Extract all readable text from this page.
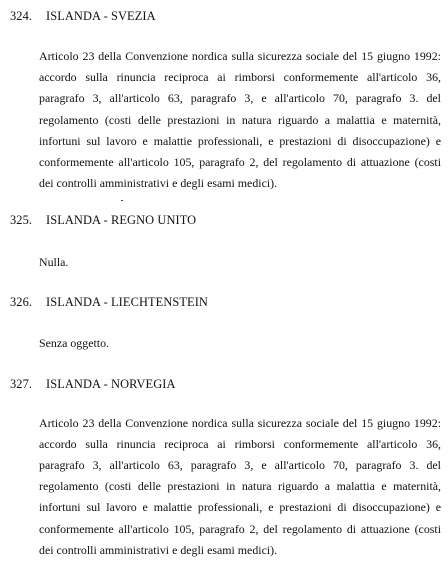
324. ISLANDA - SVEZIA
Articolo 23 della Convenzione nordica sulla sicurezza sociale del 15 giugno 1992:
accordo sulla rinuncia reciproca ai rimborsi conformemente all'articolo 36,
paragrafo 3, all'articolo 63, paragrafo 3, e all'articolo 70, paragrafo 3. del
regolamento (costi delle prestazioni in natura riguardo a malattia e maternità,
infortuni sul lavoro e malattie professionali, e prestazioni di disoccupazione) e
conformemente all'articolo 105, paragrafo 2, del regolamento di attuazione (costi
dei controlli amministrativi e degli esami medici).
325. ISLANDA - REGNO UNITO
Nulla.
326. ISLANDA - LIECHTENSTEIN
Senza oggetto.
327. ISLANDA - NORVEGIA
Articolo 23 della Convenzione nordica sulla sicurezza sociale del 15 giugno 1992:
accordo sulla rinuncia reciproca ai rimborsi conformemente all'articolo 36,
paragrafo 3, all'articolo 63, paragrafo 3, e all'articolo 70, paragrafo 3. del
regolamento (costi delle prestazioni in natura riguardo a malattia e maternità,
infortuni sul lavoro e malattie professionali, e prestazioni di disoccupazione) e
conformemente all'articolo 105, paragrafo 2, del regolamento di attuazione (costi
dei controlli amministrativi e degli esami medici).
